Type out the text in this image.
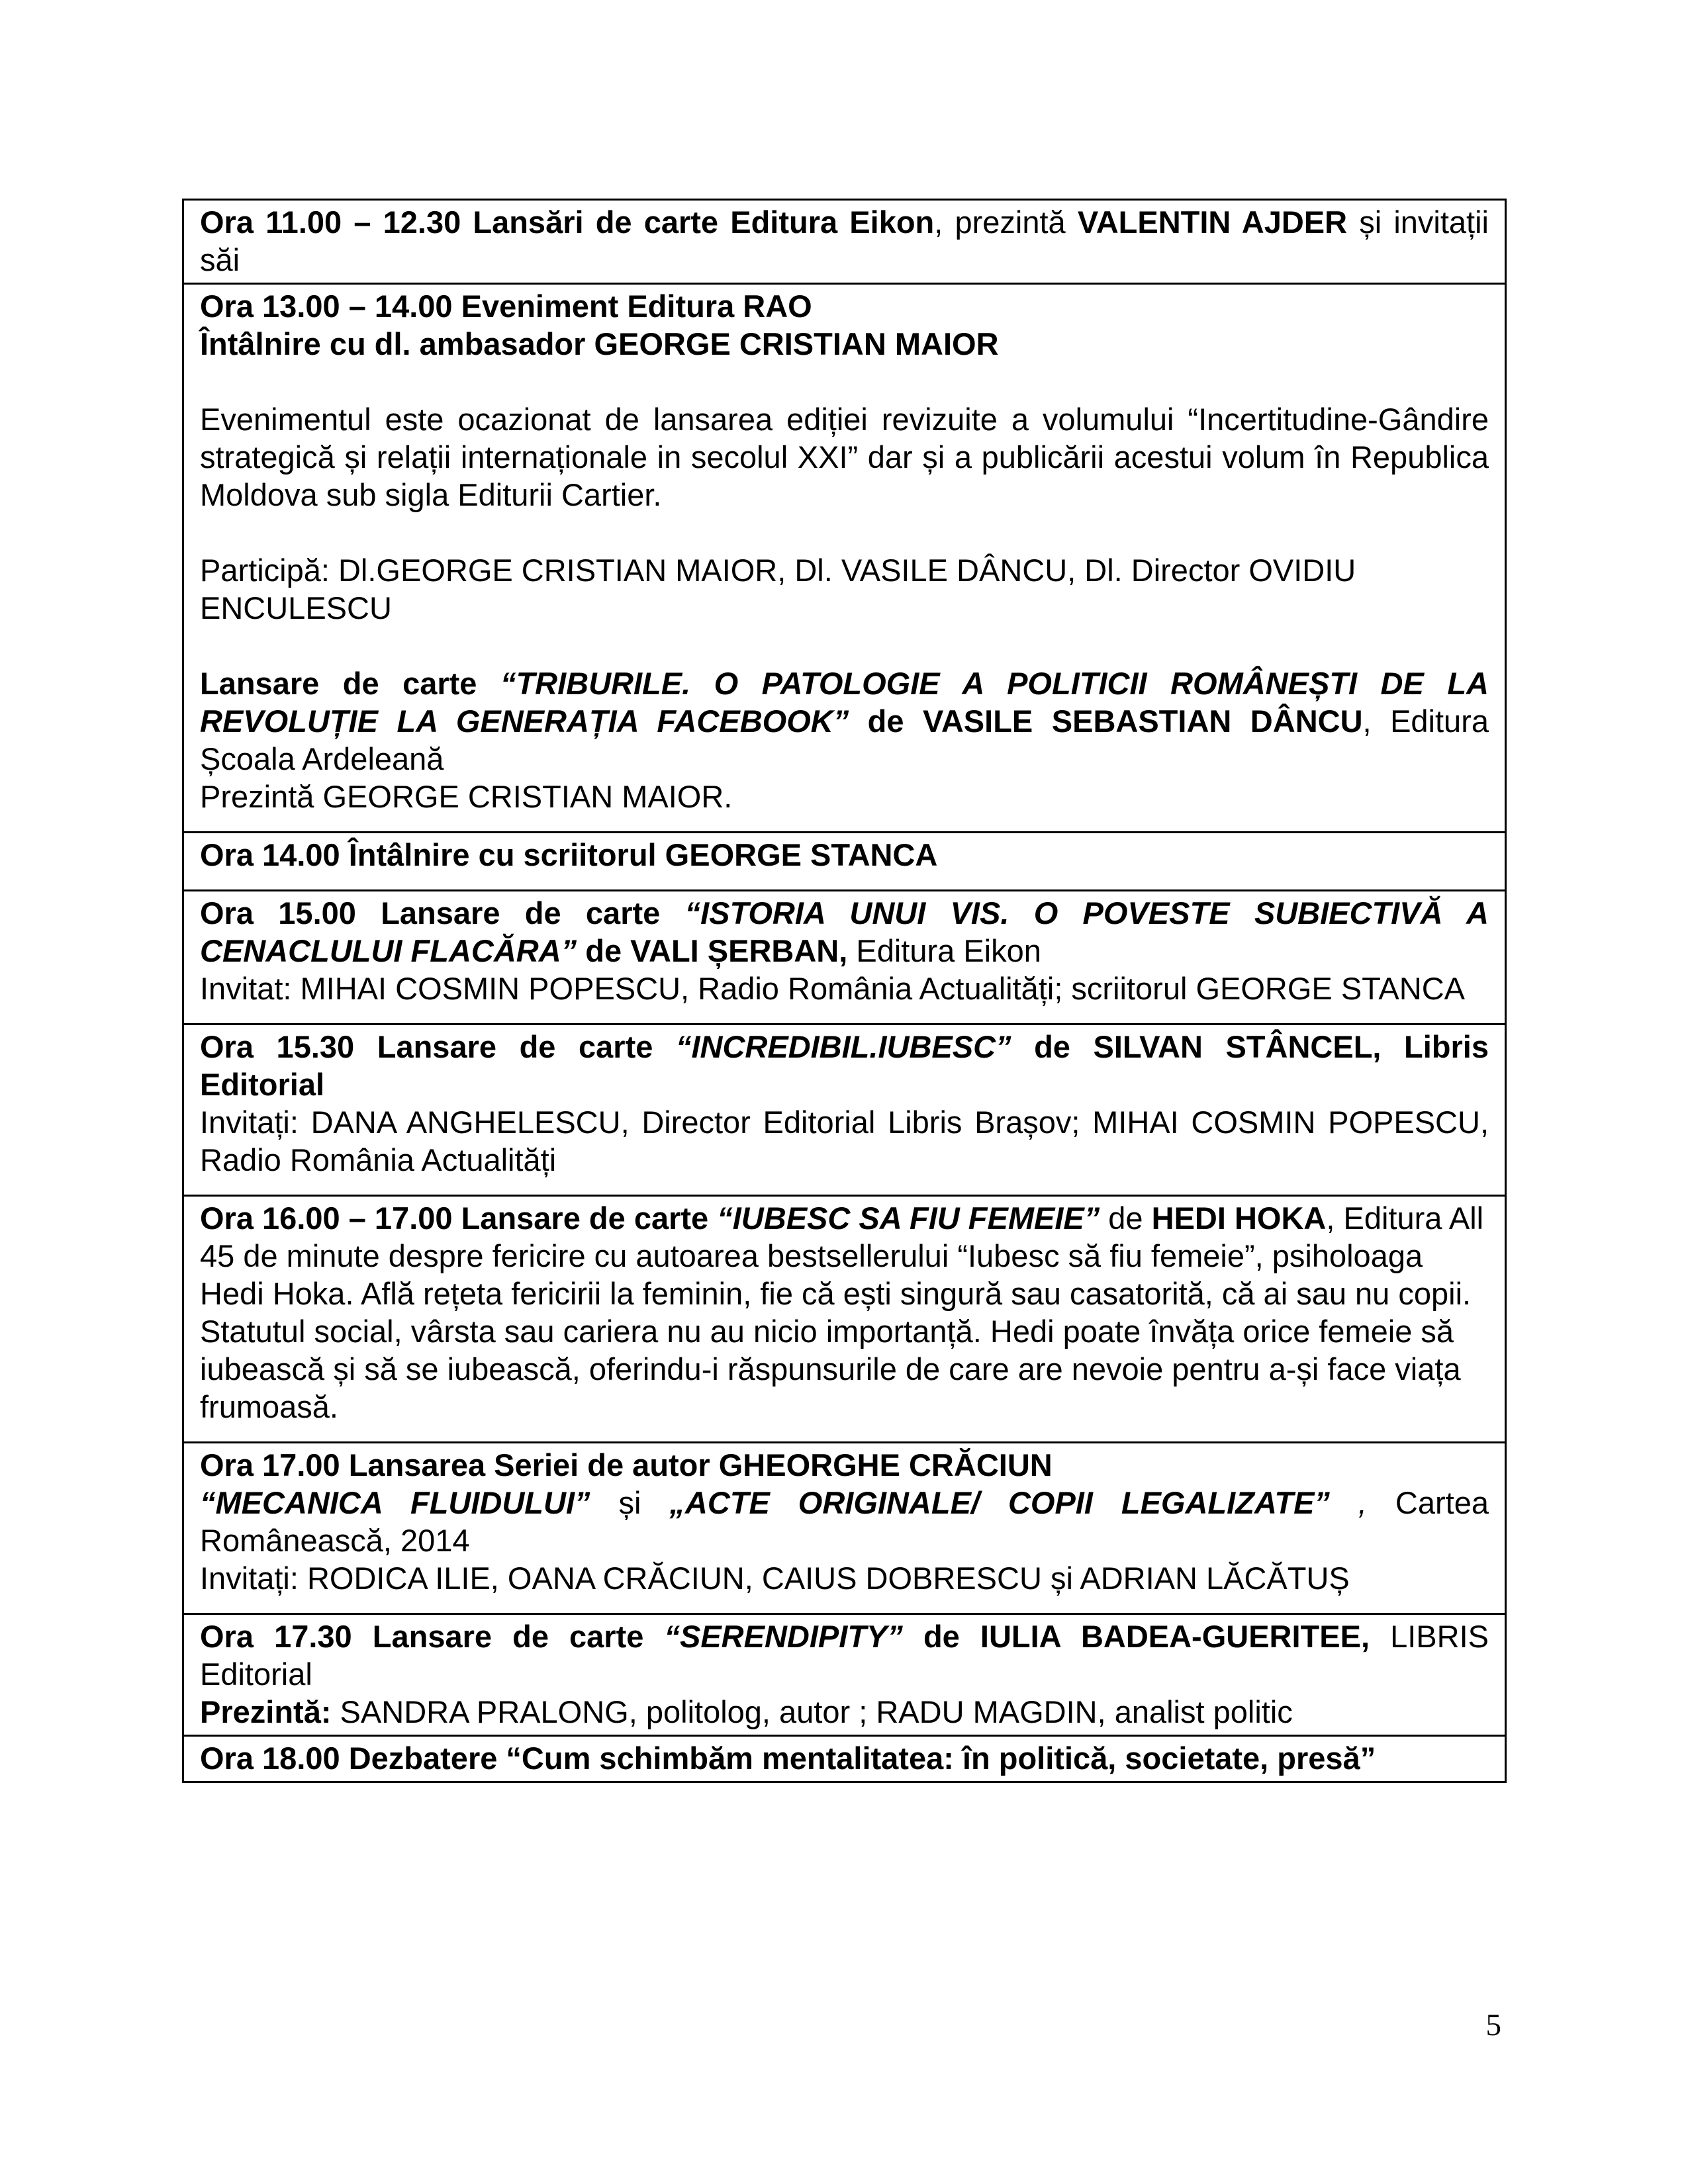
Ora 11.00 – 12.30 Lansări de carte Editura Eikon, prezintă VALENTIN AJDER și invitații săi

Ora 13.00 – 14.00 Eveniment Editura RAO

Întâlnire cu dl. ambasador GEORGE CRISTIAN MAIOR

Evenimentul este ocazionat de lansarea ediției revizuite a volumului “Incertitudine-Gândire strategică și relații internaționale in secolul XXI” dar și a publicării acestui volum în Republica Moldova sub sigla Editurii Cartier.

Participă: Dl.GEORGE CRISTIAN MAIOR, Dl. VASILE DÂNCU, Dl. Director OVIDIU ENCULESCU

Lansare de carte “TRIBURILE. O PATOLOGIE A POLITICII ROMÂNEȘTI DE LA REVOLUȚIE LA GENERAȚIA FACEBOOK” de VASILE SEBASTIAN DÂNCU, Editura Școala Ardeleană

Prezintă GEORGE CRISTIAN MAIOR.

Ora 14.00 Întâlnire cu scriitorul GEORGE STANCA

Ora 15.00 Lansare de carte “ISTORIA UNUI VIS. O POVESTE SUBIECTIVĂ A CENACLULUI FLACĂRA” de VALI ȘERBAN, Editura Eikon

Invitat: MIHAI COSMIN POPESCU, Radio România Actualități; scriitorul GEORGE STANCA

Ora 15.30 Lansare de carte “INCREDIBIL.IUBESC” de SILVAN STÂNCEL, Libris Editorial

Invitați: DANA ANGHELESCU, Director Editorial Libris Brașov; MIHAI COSMIN POPESCU, Radio România Actualități

Ora 16.00 – 17.00 Lansare de carte “IUBESC SA FIU FEMEIE” de HEDI HOKA, Editura All

45 de minute despre fericire cu autoarea bestsellerului “Iubesc să fiu femeie”, psiholoaga Hedi Hoka. Află rețeta fericirii la feminin, fie că ești singură sau casatorită, că ai sau nu copii. Statutul social, vârsta sau cariera nu au nicio importanță. Hedi poate învăța orice femeie să iubească și să se iubească, oferindu-i răspunsurile de care are nevoie pentru a-și face viața frumoasă.

Ora 17.00 Lansarea Seriei de autor GHEORGHE CRĂCIUN

“MECANICA FLUIDULUI” și „ACTE ORIGINALE/ COPII LEGALIZATE” , Cartea Românească, 2014

Invitați: RODICA ILIE, OANA CRĂCIUN, CAIUS DOBRESCU și ADRIAN LĂCĂTUȘ

Ora 17.30 Lansare de carte “SERENDIPITY” de IULIA BADEA-GUERITEE, LIBRIS Editorial

Prezintă: SANDRA PRALONG, politolog, autor ; RADU MAGDIN, analist politic

Ora 18.00 Dezbatere “Cum schimbăm mentalitatea: în politică, societate, presă”

5
